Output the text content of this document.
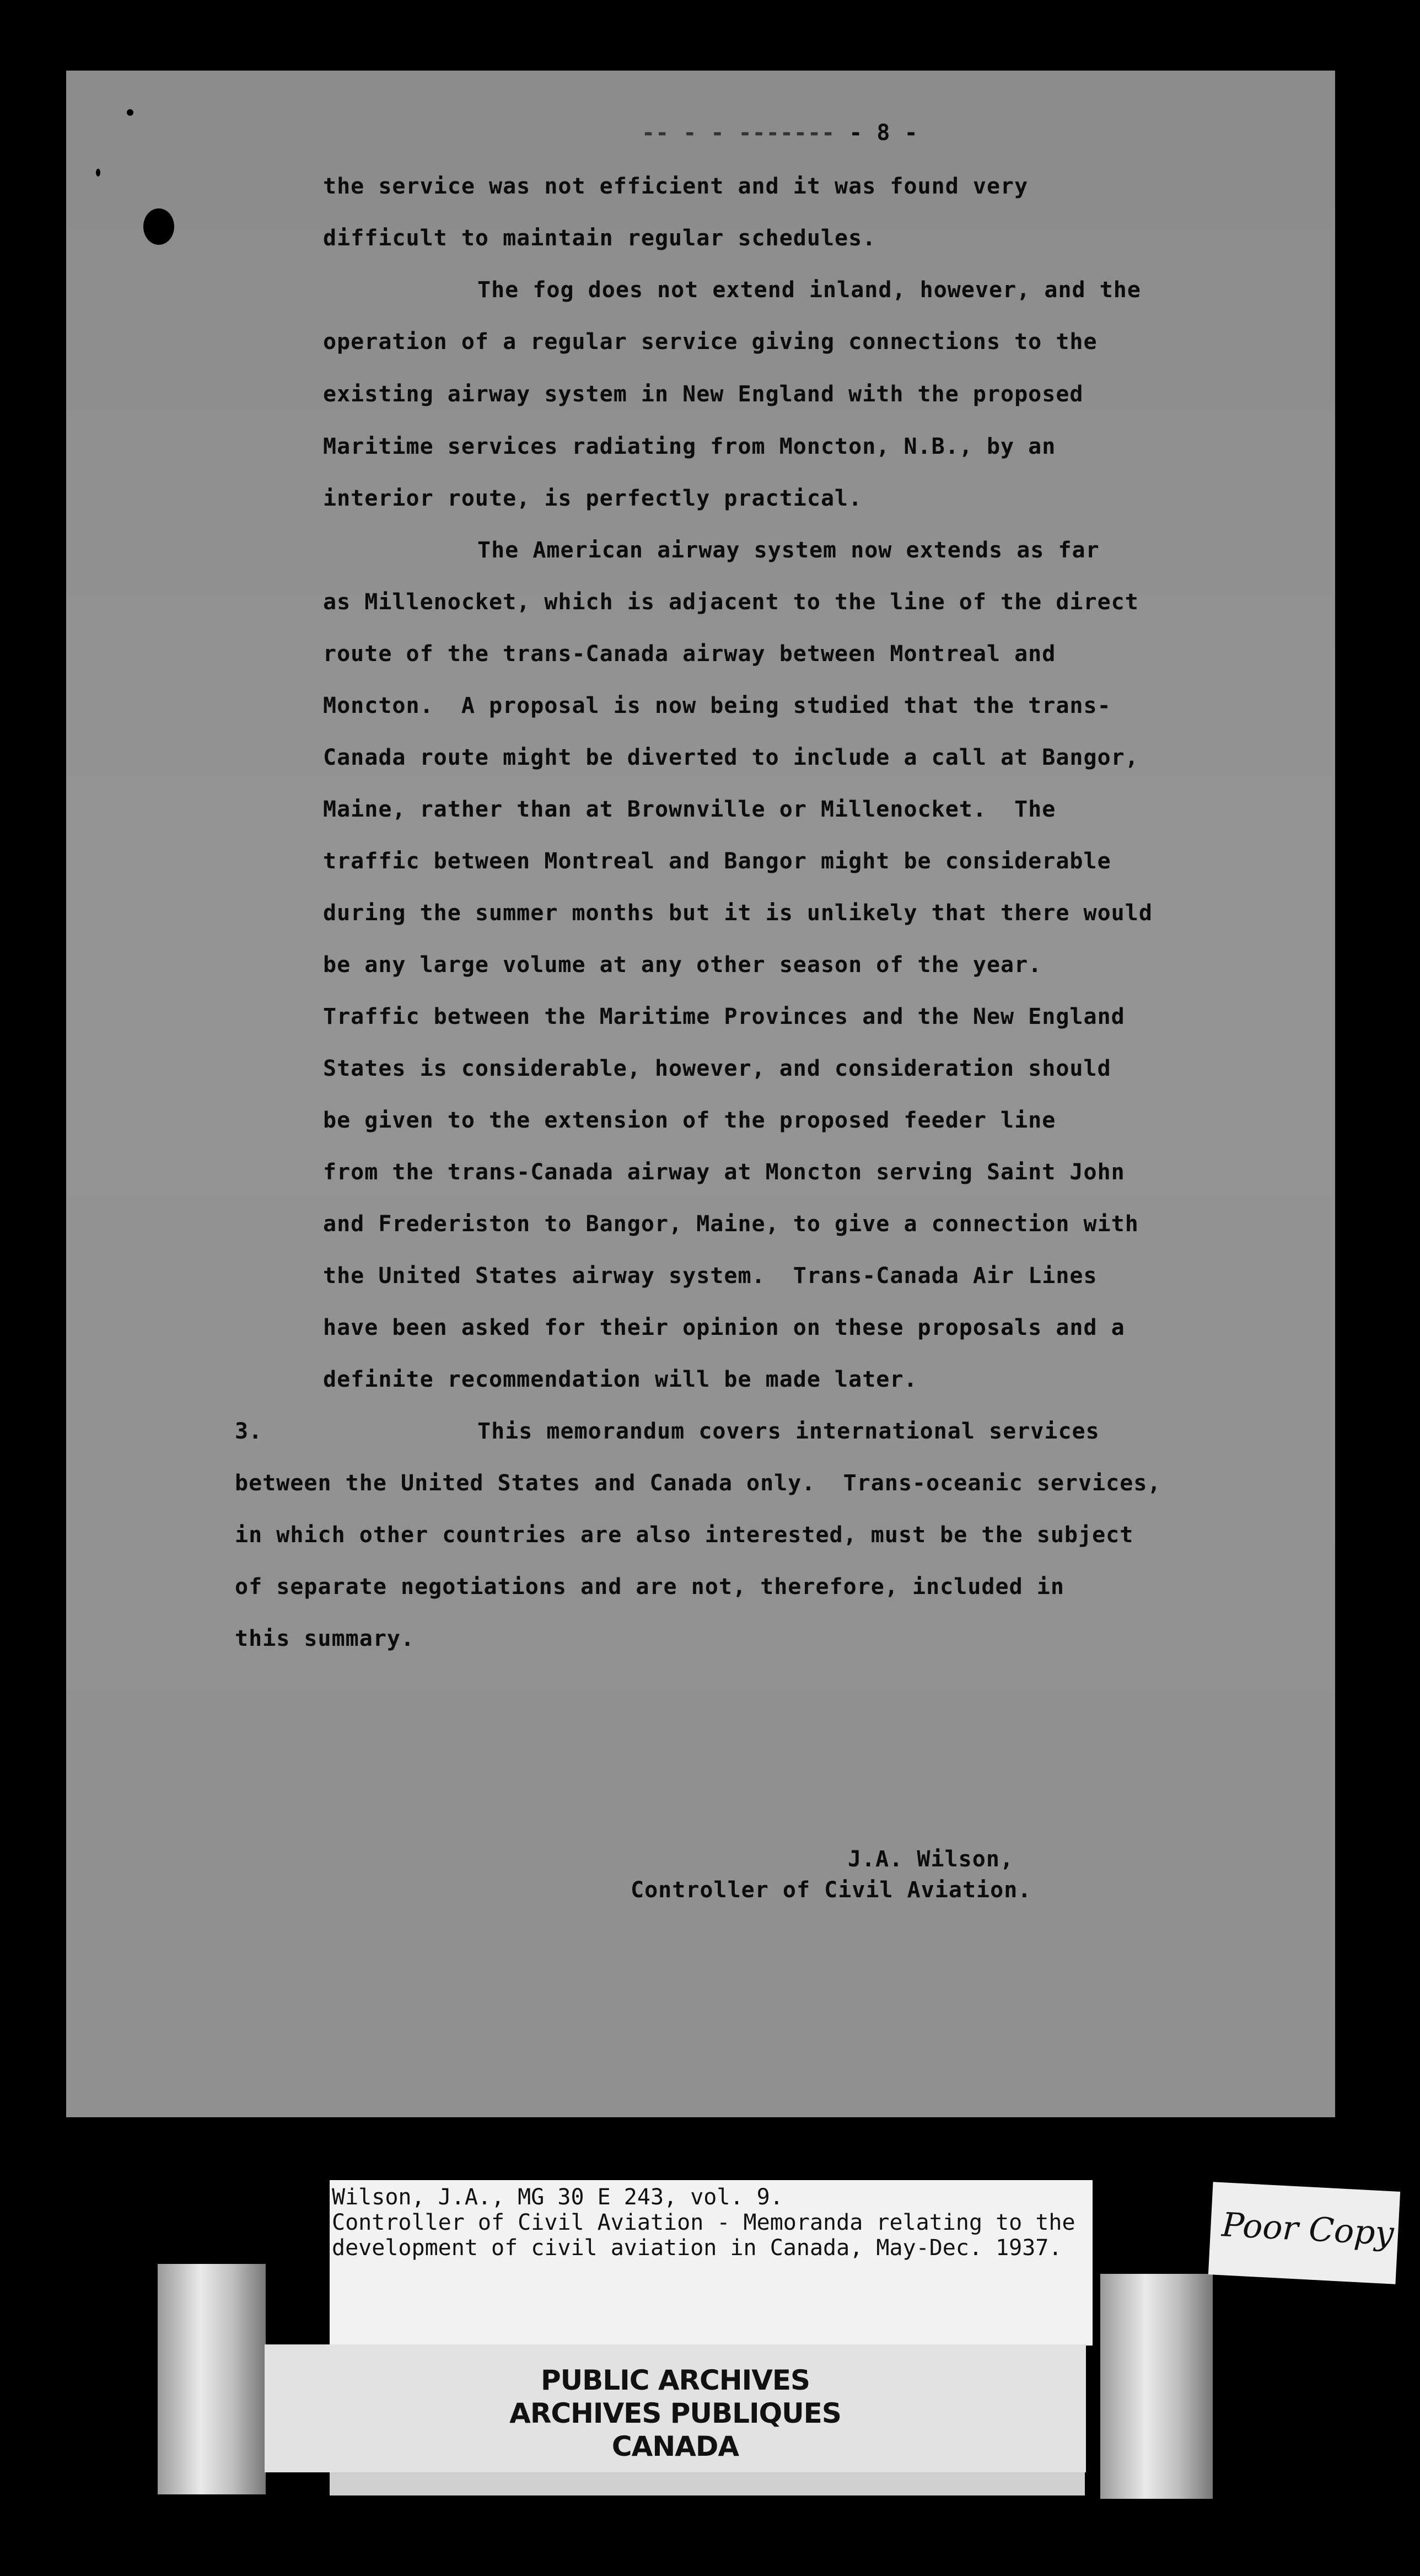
-- - - ------- - 8 -

the service was not efficient and it was found very

difficult to maintain regular schedules.

The fog does not extend inland, however, and the

operation of a regular service giving connections to the

existing airway system in New England with the proposed

Maritime services radiating from Moncton, N.B., by an

interior route, is perfectly practical.

The American airway system now extends as far

as Millenocket, which is adjacent to the line of the direct

route of the trans-Canada airway between Montreal and

Moncton.  A proposal is now being studied that the trans-

Canada route might be diverted to include a call at Bangor,

Maine, rather than at Brownville or Millenocket.  The

traffic between Montreal and Bangor might be considerable

during the summer months but it is unlikely that there would

be any large volume at any other season of the year.

Traffic between the Maritime Provinces and the New England

States is considerable, however, and consideration should

be given to the extension of the proposed feeder line

from the trans-Canada airway at Moncton serving Saint John

and Frederiston to Bangor, Maine, to give a connection with

the United States airway system.  Trans-Canada Air Lines

have been asked for their opinion on these proposals and a

definite recommendation will be made later.

3.

	This memorandum covers international services

between the United States and Canada only.  Trans-oceanic services,

in which other countries are also interested, must be the subject

of separate negotiations and are not, therefore, included in

this summary.

J.A. Wilson,

Controller of Civil Aviation.

Wilson, J.A., MG 30 E 243, vol. 9.
Controller of Civil Aviation - Memoranda relating to the
development of civil aviation in Canada, May-Dec. 1937.
PUBLIC ARCHIVES
ARCHIVES PUBLIQUES
CANADA
Poor Copy
